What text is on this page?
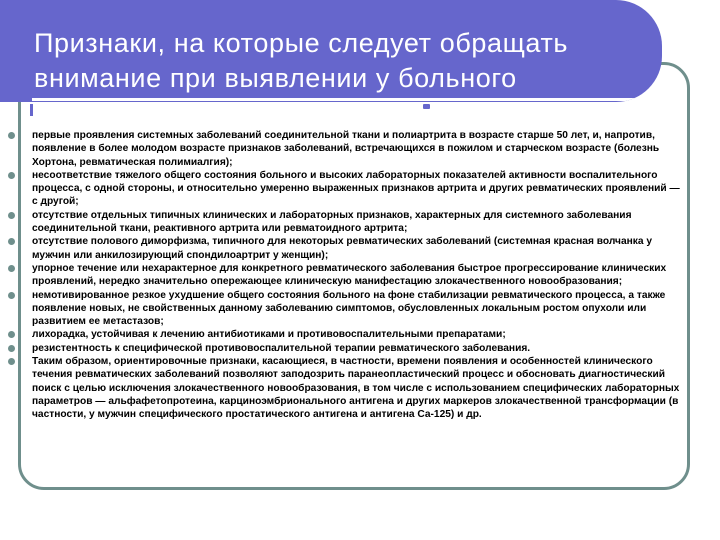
Признаки, на которые следует обращать
внимание при выявлении у больного
первые проявления системных заболеваний соединительной ткани и полиартрита в возрасте старше 50 лет, и, напротив, появление в более молодом возрасте признаков заболеваний, встречающихся в пожилом и старческом возрасте (болезнь Хортона, ревматическая полимиалгия);
несоответствие тяжелого общего состояния больного и высоких лабораторных показателей активности воспалительного процесса, с одной стороны, и относительно умеренно выраженных признаков артрита и других ревматических проявлений — с другой;
отсутствие отдельных типичных клинических и лабораторных признаков, характерных для системного заболевания соединительной ткани, реактивного артрита или ревматоидного артрита;
отсутствие полового диморфизма, типичного для некоторых ревматических заболеваний (системная красная волчанка у мужчин или анкилозирующий спондилоартрит у женщин);
упорное течение или нехарактерное для конкретного ревматического заболевания быстрое прогрессирование клинических проявлений, нередко значительно опережающее клиническую манифестацию злокачественного новообразования;
немотивированное резкое ухудшение общего состояния больного на фоне стабилизации ревматического процесса, а также появление новых, не свойственных данному заболеванию симптомов, обусловленных локальным ростом опухоли или развитием ее метастазов;
лихорадка, устойчивая к лечению антибиотиками и противовоспалительными препаратами;
резистентность к специфической противовоспалительной терапии ревматического заболевания.
Таким образом, ориентировочные признаки, касающиеся, в частности, времени появления и особенностей клинического течения ревматических заболеваний позволяют заподозрить паранеопластический процесс и обосновать диагностический поиск с целью исключения злокачественного новообразования, в том числе с использованием специфических лабораторных параметров — альфафетопротеина, карциноэмбрионального антигена и других маркеров злокачественной трансформации (в частности, у мужчин специфического простатического антигена и антигена Са-125) и др.
